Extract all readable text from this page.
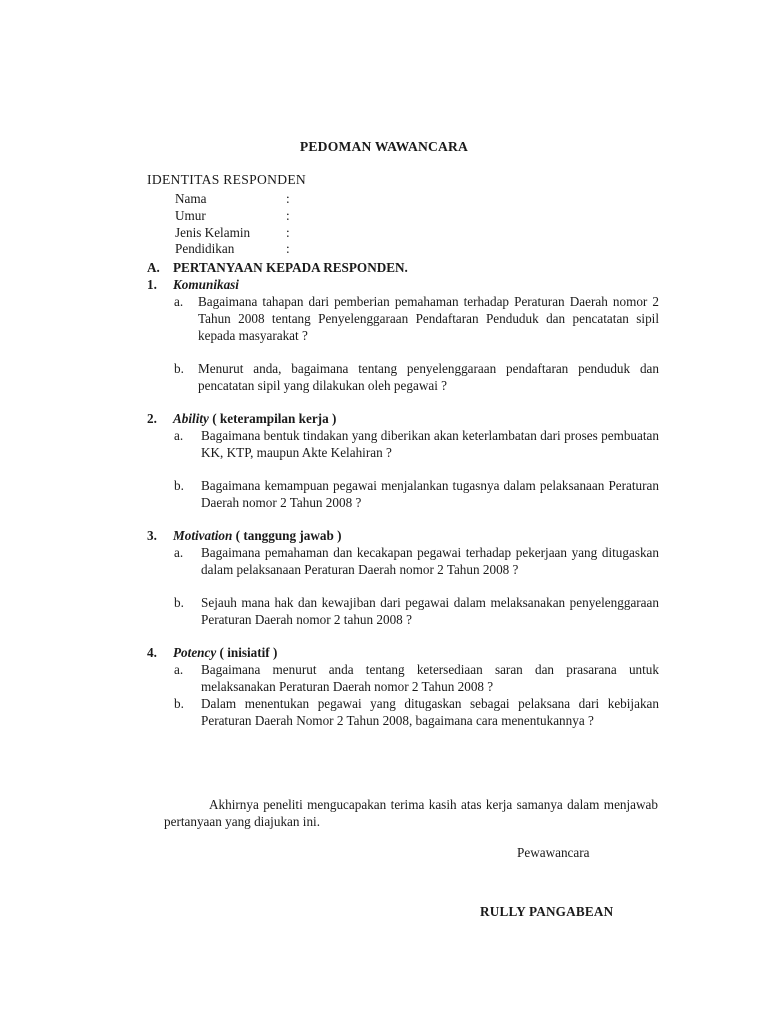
PEDOMAN WAWANCARA
IDENTITAS RESPONDEN
Nama	:
Umur	:
Jenis Kelamin	:
Pendidikan	:
A. PERTANYAAN KEPADA RESPONDEN.
1. Komunikasi
a. Bagaimana tahapan dari pemberian pemahaman terhadap Peraturan Daerah nomor 2 Tahun 2008 tentang Penyelenggaraan Pendaftaran Penduduk dan pencatatan sipil kepada masyarakat ?
b. Menurut anda, bagaimana tentang penyelenggaraan pendaftaran penduduk dan pencatatan sipil yang dilakukan oleh pegawai ?
2. Ability ( keterampilan kerja )
a. Bagaimana bentuk tindakan yang diberikan akan keterlambatan dari proses pembuatan KK, KTP, maupun Akte Kelahiran ?
b. Bagaimana kemampuan pegawai menjalankan tugasnya dalam pelaksanaan Peraturan Daerah nomor 2 Tahun 2008 ?
3. Motivation ( tanggung jawab )
a. Bagaimana pemahaman dan kecakapan pegawai terhadap pekerjaan yang ditugaskan dalam pelaksanaan Peraturan Daerah nomor 2 Tahun 2008 ?
b. Sejauh mana hak dan kewajiban dari pegawai dalam melaksanakan penyelenggaraan Peraturan Daerah nomor 2 tahun 2008 ?
4. Potency ( inisiatif )
a. Bagaimana menurut anda tentang ketersediaan saran dan prasarana untuk melaksanakan Peraturan Daerah nomor 2 Tahun 2008 ?
b. Dalam menentukan pegawai yang ditugaskan sebagai pelaksana dari kebijakan Peraturan Daerah Nomor 2 Tahun 2008, bagaimana cara menentukannya ?
Akhirnya peneliti mengucapakan terima kasih atas kerja samanya dalam menjawab pertanyaan yang diajukan ini.
Pewawancara
RULLY PANGABEAN
